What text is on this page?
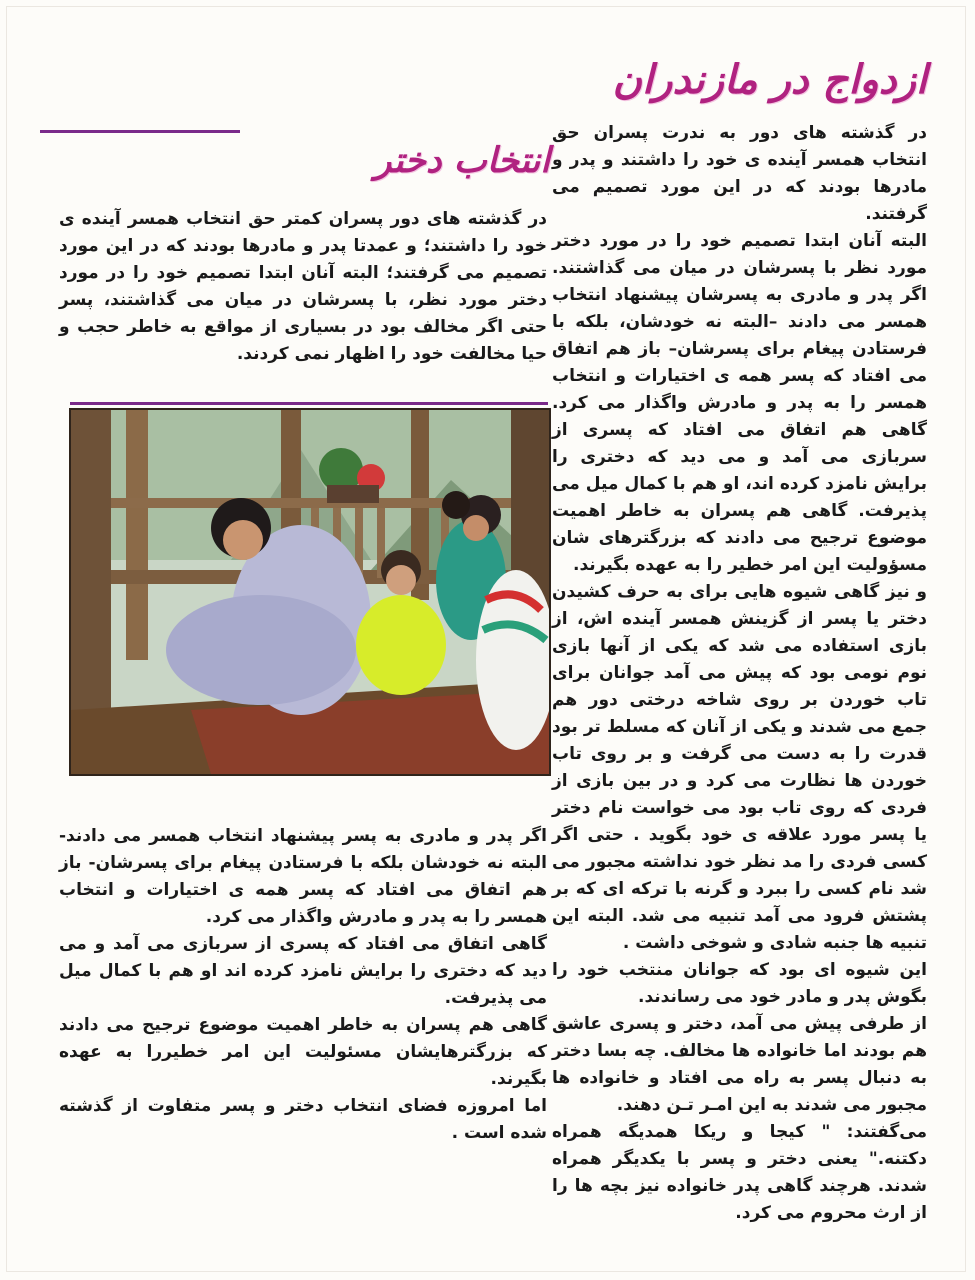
ازدواج در مازندران
انتخاب دختر

در گذشته های دور پسران کمتر حق انتخاب همسر آینده ی خود را داشتند؛ و عمدتا پدر و مادرها بودند که در این مورد تصمیم می گرفتند؛ البته آنان ابتدا تصمیم خود را در مورد دختر مورد نظر، با پسرشان در میان می گذاشتند، پسر حتی اگر مخالف بود در بسیاری از مواقع به خاطر حجب و حیا مخالفت خود را اظهار نمی کردند.

در گذشته های دور به ندرت پسران حق انتخاب همسر آینده ی خود را داشتند و پدر و مادرها بودند که در این مورد تصمیم می گرفتند.

البته آنان ابتدا تصمیم خود را در مورد دختر مورد نظر با پسرشان در میان می گذاشتند. اگر پدر و مادری به پسرشان پیشنهاد انتخاب همسر می دادند –البته نه خودشان، بلکه با فرستادن پیغام برای پسرشان– باز هم اتفاق می افتاد که پسر همه ی اختیارات و انتخاب همسر را به پدر و مادرش واگذار می کرد. گاهی هم اتفاق می افتاد که پسری از سربازی می آمد و می دید که دختری را برایش نامزد کرده اند، او هم با کمال میل می پذیرفت. گاهی هم پسران به خاطر اهمیت موضوع ترجیح می دادند که بزرگترهای شان مسؤولیت این امر خطیر را به عهده بگیرند.

و نیز گاهی شیوه هایی برای به حرف کشیدن دختر یا پسر از گزینش همسر آینده اش، از بازی استفاده می شد که یکی از آنها بازی نوم نومی بود که پیش می آمد جوانان برای تاب خوردن بر روی شاخه درختی دور هم جمع می شدند و یکی از آنان که مسلط تر بود قدرت را به دست می گرفت و بر روی تاب خوردن ها نظارت می کرد و در بین بازی از فردی که روی تاب بود می خواست نام دختر یا پسر مورد علاقه ی خود بگوید . حتی اگر کسی فردی را مد نظر خود نداشته مجبور می شد نام کسی را ببرد و گرنه با ترکه ای که بر پشتش فرود می آمد تنبیه می شد. البته این تنبیه ها جنبه شادی و شوخی داشت .

این شیوه ای بود که جوانان منتخب خود را بگوش پدر و مادر خود می رساندند.

از طرفی پیش می آمد، دختر و پسری عاشق هم بودند اما خانواده ها مخالف. چه بسا دختر به دنبال پسر به راه می افتاد و خانواده ها مجبور می شدند به این امـر تـن دهند.

می‌گفتند: " کیجا و ریکا همدیگه همراه دکتنه." یعنی دختر و پسر با یکدیگر همراه شدند. هرچند گاهی پدر خانواده نیز بچه ها را از ارث محروم می کرد.

اگر پدر و مادری به پسر پیشنهاد انتخاب همسر می دادند-البته نه خودشان بلکه با فرستادن پیغام برای پسرشان- باز هم اتفاق می افتاد که پسر همه ی اختیارات و انتخاب همسر را به پدر و مادرش واگذار می کرد.

گاهی اتفاق می افتاد که پسری از سربازی می آمد و می دید که دختری را برایش نامزد کرده اند او هم با کمال میل می پذیرفت.

گاهی هم پسران به خاطر اهمیت موضوع ترجیح می دادند که بزرگترهایشان مسئولیت این امر خطیررا به عهده بگیرند.

اما امروزه فضای انتخاب دختر و پسر متفاوت از گذشته شده است .
